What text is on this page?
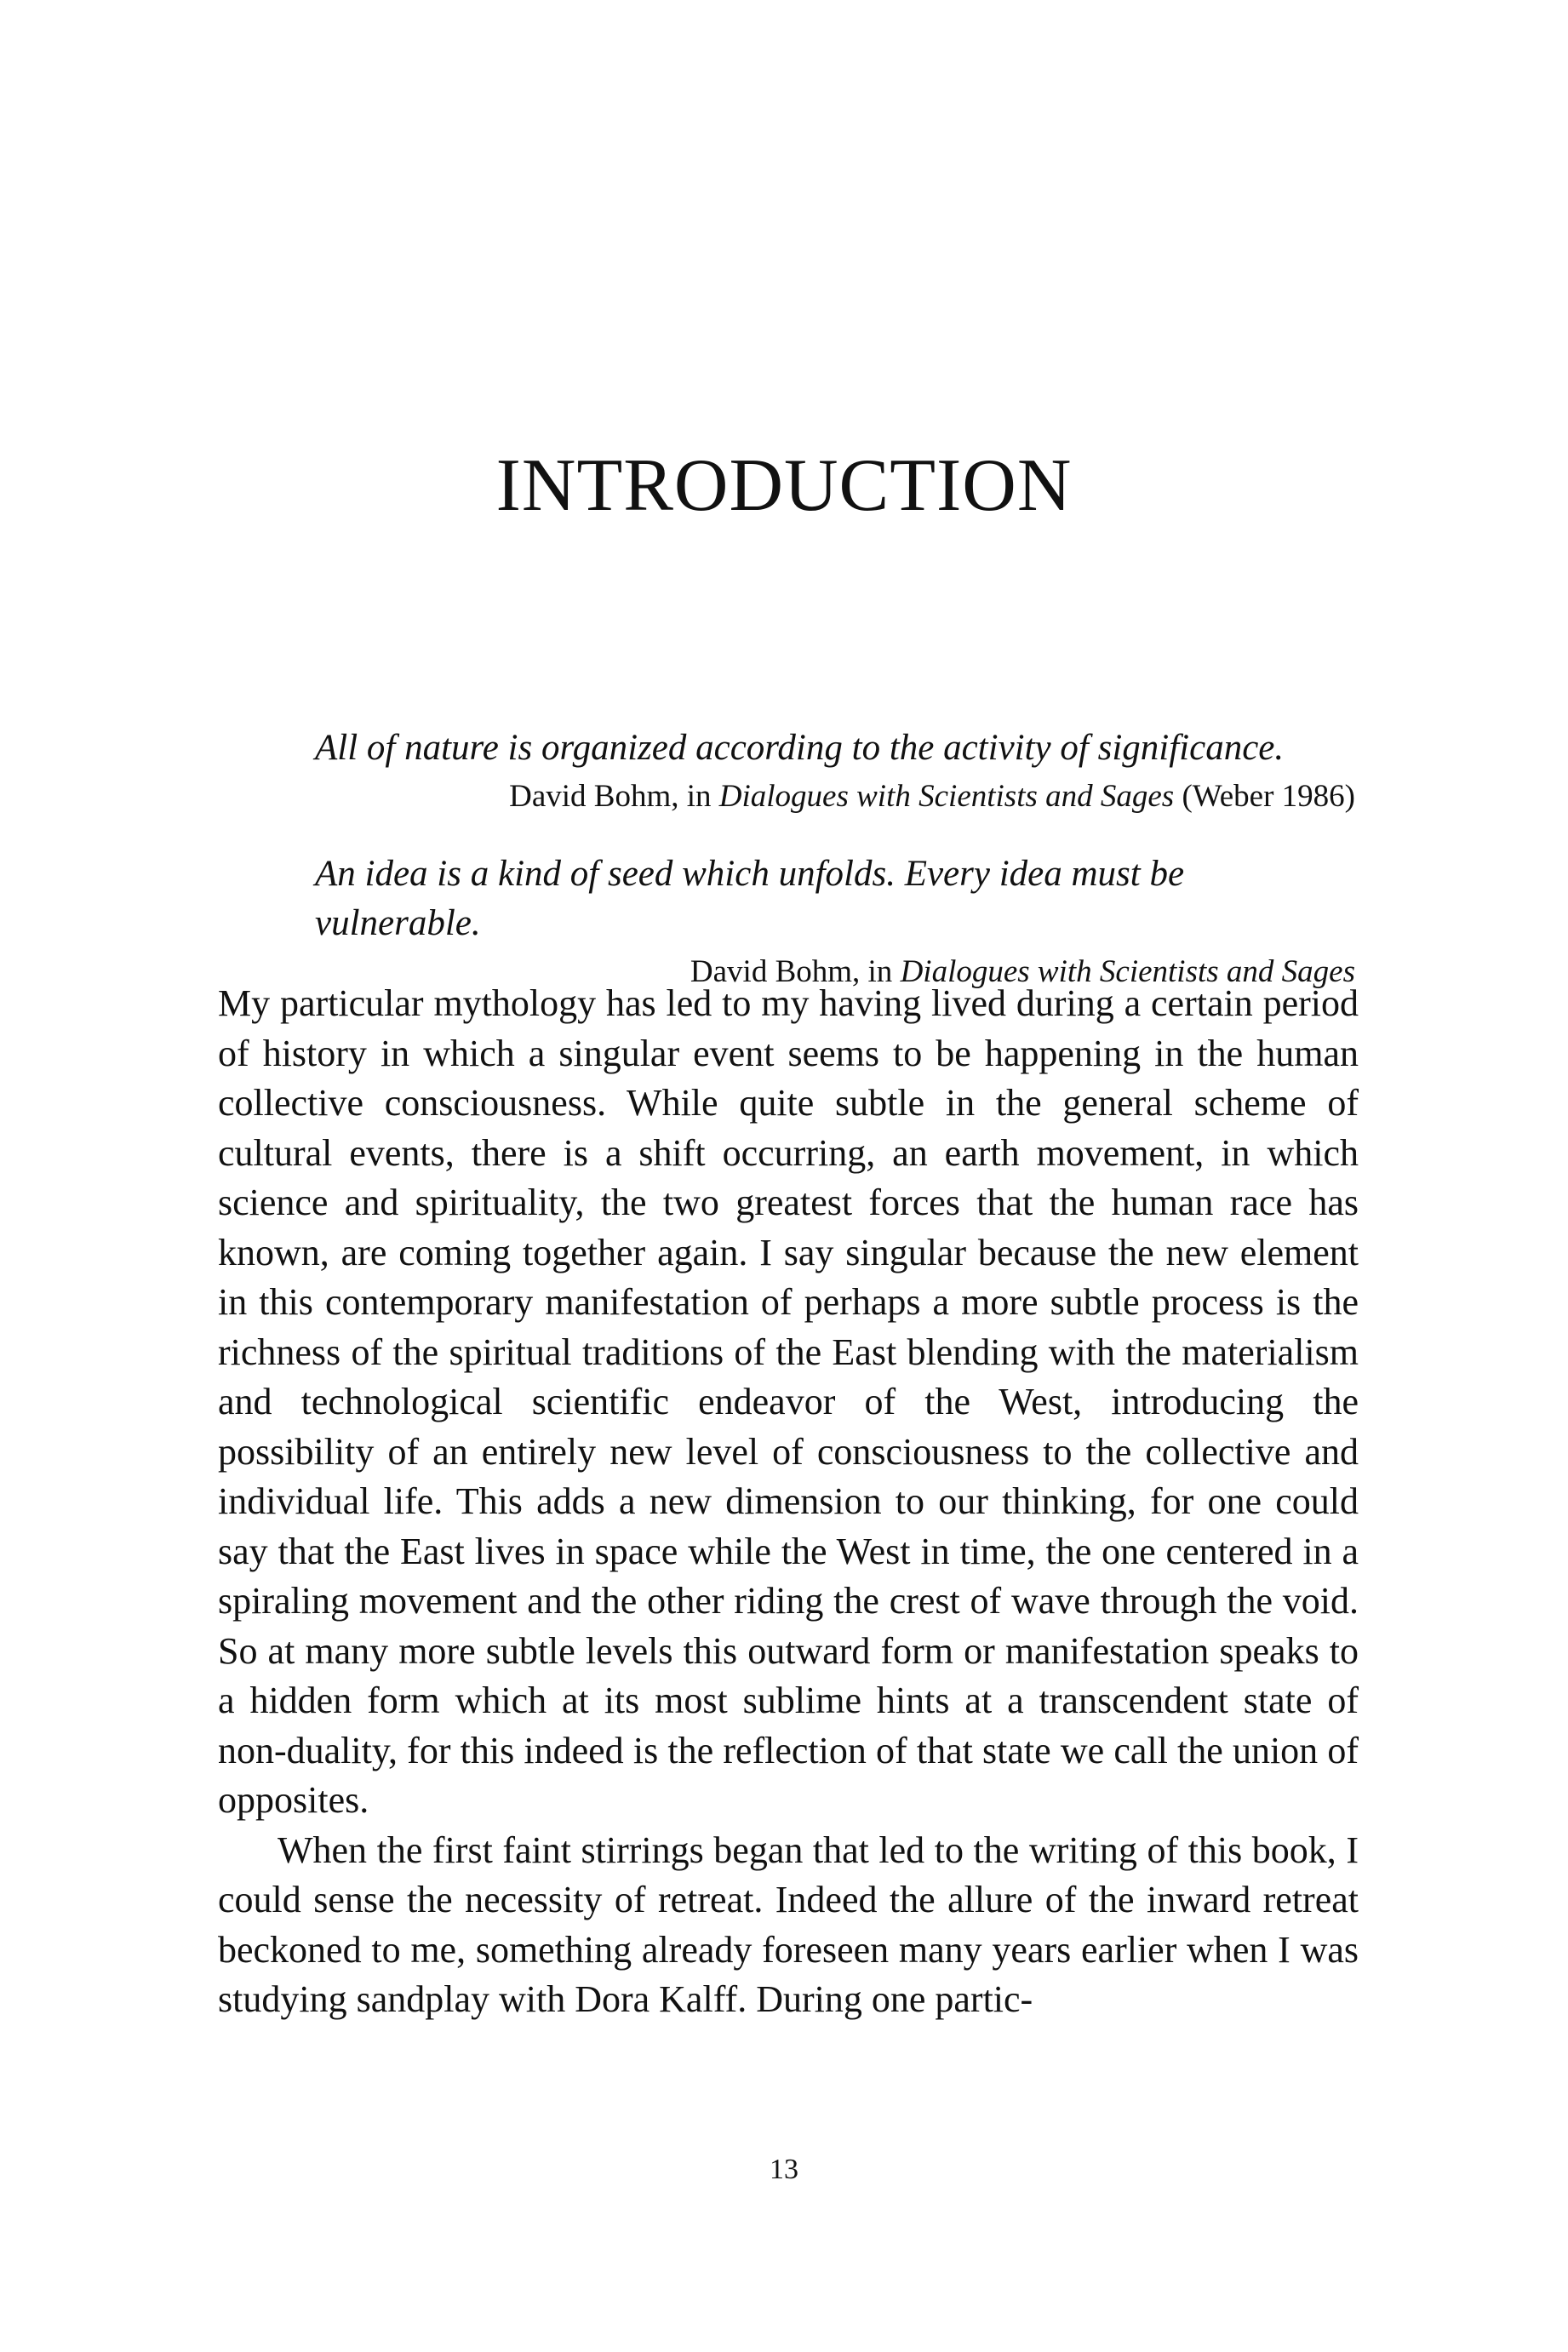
INTRODUCTION

All of nature is organized according to the activity of significance.

David Bohm, in Dialogues with Scientists and Sages (Weber 1986)

An idea is a kind of seed which unfolds. Every idea must be vulnerable.

David Bohm, in Dialogues with Scientists and Sages

My particular mythology has led to my having lived during a certain period of history in which a singular event seems to be happening in the human collective consciousness. While quite subtle in the general scheme of cultural events, there is a shift occurring, an earth movement, in which science and spirituality, the two greatest forces that the human race has known, are coming together again. I say singular because the new element in this contemporary manifestation of perhaps a more subtle process is the richness of the spiritual traditions of the East blending with the materialism and technological scientific endeavor of the West, introducing the possibility of an entirely new level of consciousness to the collective and individual life. This adds a new dimension to our thinking, for one could say that the East lives in space while the West in time, the one centered in a spiraling movement and the other riding the crest of wave through the void. So at many more subtle levels this outward form or manifestation speaks to a hidden form which at its most sublime hints at a transcendent state of non-duality, for this indeed is the reflection of that state we call the union of opposites.

When the first faint stirrings began that led to the writing of this book, I could sense the necessity of retreat. Indeed the allure of the inward retreat beckoned to me, something already foreseen many years earlier when I was studying sandplay with Dora Kalff. During one partic-

13
